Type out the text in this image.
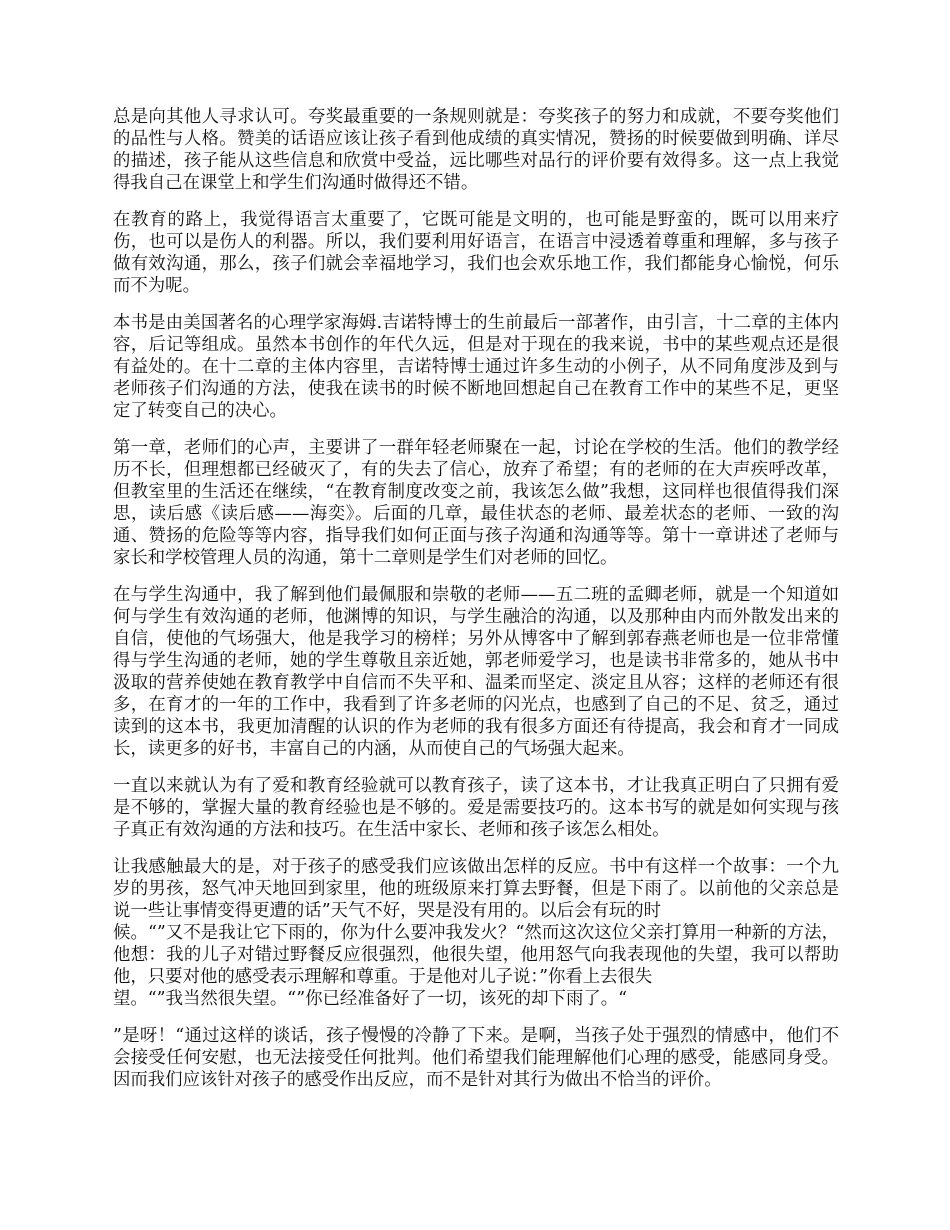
总是向其他人寻求认可。夸奖最重要的一条规则就是：夸奖孩子的努力和成就，不要夸奖他们的品性与人格。赞美的话语应该让孩子看到他成绩的真实情况，赞扬的时候要做到明确、详尽的描述，孩子能从这些信息和欣赏中受益，远比哪些对品行的评价要有效得多。这一点上我觉得我自己在课堂上和学生们沟通时做得还不错。

在教育的路上，我觉得语言太重要了，它既可能是文明的，也可能是野蛮的，既可以用来疗伤，也可以是伤人的利器。所以，我们要利用好语言，在语言中浸透着尊重和理解，多与孩子做有效沟通，那么，孩子们就会幸福地学习，我们也会欢乐地工作，我们都能身心愉悦，何乐而不为呢。

本书是由美国著名的心理学家海姆.吉诺特博士的生前最后一部著作，由引言，十二章的主体内容，后记等组成。虽然本书创作的年代久远，但是对于现在的我来说，书中的某些观点还是很有益处的。在十二章的主体内容里，吉诺特博士通过许多生动的小例子，从不同角度涉及到与老师孩子们沟通的方法，使我在读书的时候不断地回想起自己在教育工作中的某些不足，更坚定了转变自己的决心。

第一章，老师们的心声，主要讲了一群年轻老师聚在一起，讨论在学校的生活。他们的教学经历不长，但理想都已经破灭了，有的失去了信心，放弃了希望；有的老师的在大声疾呼改革，但教室里的生活还在继续，“在教育制度改变之前，我该怎么做”我想，这同样也很值得我们深思，读后感《读后感——海奕》。后面的几章，最佳状态的老师、最差状态的老师、一致的沟通、赞扬的危险等等内容，指导我们如何正面与孩子沟通和沟通等等。第十一章讲述了老师与家长和学校管理人员的沟通，第十二章则是学生们对老师的回忆。

在与学生沟通中，我了解到他们最佩服和崇敬的老师——五二班的孟卿老师，就是一个知道如何与学生有效沟通的老师，他渊博的知识，与学生融洽的沟通，以及那种由内而外散发出来的自信，使他的气场强大，他是我学习的榜样；另外从博客中了解到郭春燕老师也是一位非常懂得与学生沟通的老师，她的学生尊敬且亲近她，郭老师爱学习，也是读书非常多的，她从书中汲取的营养使她在教育教学中自信而不失平和、温柔而坚定、淡定且从容；这样的老师还有很多，在育才的一年的工作中，我看到了许多老师的闪光点，也感到了自己的不足、贫乏，通过读到的这本书，我更加清醒的认识的作为老师的我有很多方面还有待提高，我会和育才一同成长，读更多的好书，丰富自己的内涵，从而使自己的气场强大起来。

一直以来就认为有了爱和教育经验就可以教育孩子，读了这本书，才让我真正明白了只拥有爱是不够的，掌握大量的教育经验也是不够的。爱是需要技巧的。这本书写的就是如何实现与孩子真正有效沟通的方法和技巧。在生活中家长、老师和孩子该怎么相处。

让我感触最大的是，对于孩子的感受我们应该做出怎样的反应。书中有这样一个故事：一个九岁的男孩，怒气冲天地回到家里，他的班级原来打算去野餐，但是下雨了。以前他的父亲总是说一些让事情变得更遭的话”天气不好，哭是没有用的。以后会有玩的时
候。“”又不是我让它下雨的，你为什么要冲我发火？“然而这次这位父亲打算用一种新的方法，他想：我的儿子对错过野餐反应很强烈，他很失望，他用怒气向我表现他的失望，我可以帮助他，只要对他的感受表示理解和尊重。于是他对儿子说：”你看上去很失
望。“”我当然很失望。“”你已经准备好了一切，该死的却下雨了。“

”是呀！“通过这样的谈话，孩子慢慢的冷静了下来。是啊，当孩子处于强烈的情感中，他们不会接受任何安慰，也无法接受任何批判。他们希望我们能理解他们心理的感受，能感同身受。因而我们应该针对孩子的感受作出反应，而不是针对其行为做出不恰当的评价。
